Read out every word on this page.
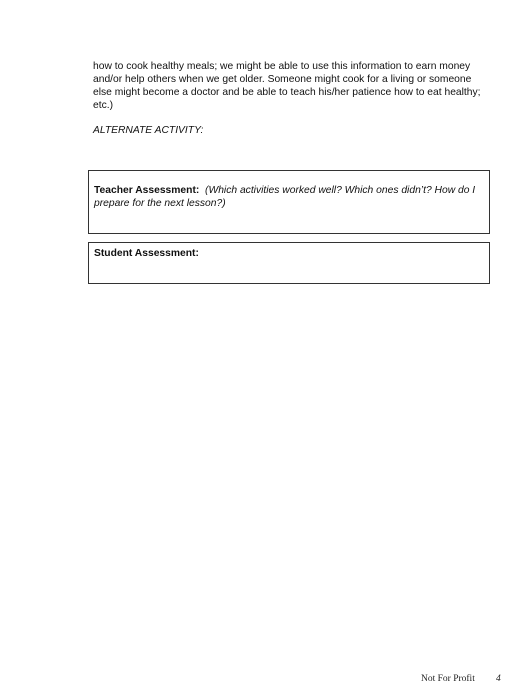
how to cook healthy meals; we might be able to use this information to earn money
and/or help others when we get older. Someone might cook for a living or someone
else might become a doctor and be able to teach his/her patience how to eat healthy;
etc.)
ALTERNATE ACTIVITY:
Teacher Assessment: (Which activities worked well? Which ones didn’t? How do I
prepare for the next lesson?)
Student Assessment:
Not For Profit 4
